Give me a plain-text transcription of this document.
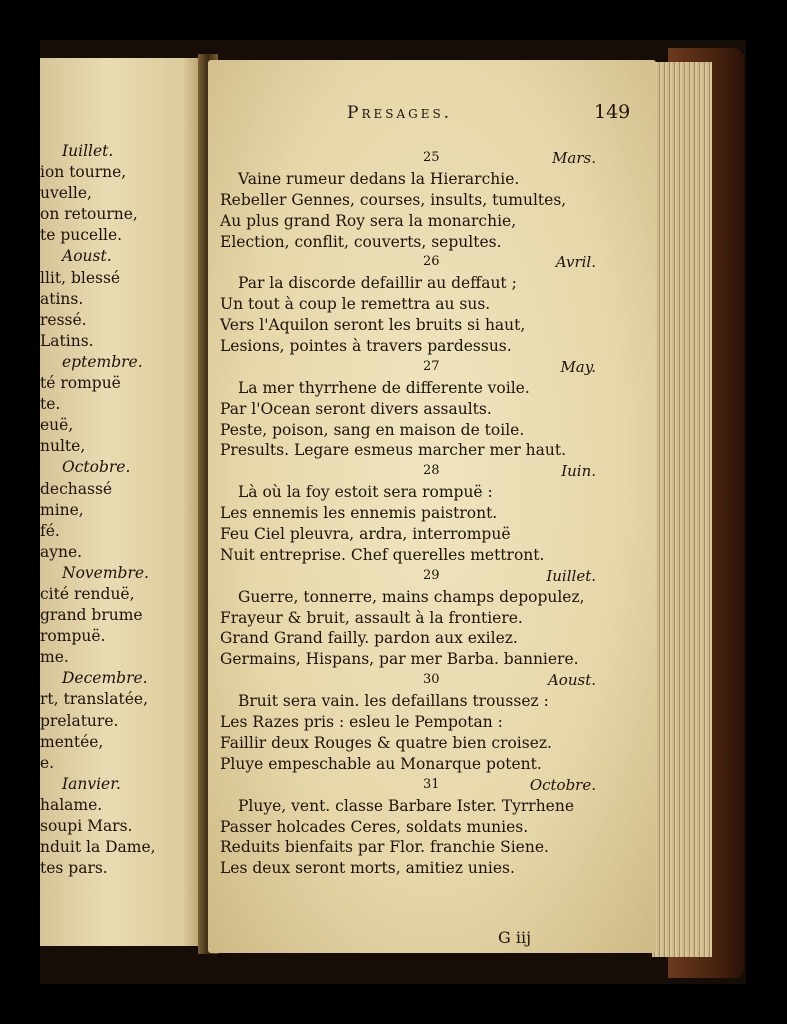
Iuillet.
ion tourne,
uvelle,
on retourne,
te pucelle.
Aoust.
llit, blessé
atins.
ressé.
Latins.
eptembre.
té rompuë
te.
euë,
nulte,
Octobre.
dechassé
mine,
fé.
ayne.
Novembre.
cité renduë,
grand brume
rompuë.
me.
Decembre.
rt, translatée,
prelature.
mentée,
e.
Ianvier.
halame.
soupi Mars.
nduit la Dame,
tes pars.
Presages.	149
25	Mars.
Vaine rumeur dedans la Hierarchie.
Rebeller Gennes, courses, insults, tumultes,
Au plus grand Roy sera la monarchie,
Election, conflit, couverts, sepultes.
26	Avril.
Par la discorde defaillir au deffaut ;
Un tout à coup le remettra au sus.
Vers l'Aquilon seront les bruits si haut,
Lesions, pointes à travers pardessus.
27	May.
La mer thyrrhene de differente voile.
Par l'Ocean seront divers assaults.
Peste, poison, sang en maison de toile.
Presults. Legare esmeus marcher mer haut.
28	Iuin.
Là où la foy estoit sera rompuë :
Les ennemis les ennemis paistront.
Feu Ciel pleuvra, ardra, interrompuë
Nuit entreprise. Chef querelles mettront.
29	Iuillet.
Guerre, tonnerre, mains champs depopulez,
Frayeur & bruit, assault à la frontiere.
Grand Grand failly. pardon aux exilez.
Germains, Hispans, par mer Barba. banniere.
30	Aoust.
Bruit sera vain. les defaillans troussez :
Les Razes pris : esleu le Pempotan :
Faillir deux Rouges & quatre bien croisez.
Pluye empeschable au Monarque potent.
31	Octobre.
Pluye, vent. classe Barbare Ister. Tyrrhene
Passer holcades Ceres, soldats munies.
Reduits bienfaits par Flor. franchie Siene.
Les deux seront morts, amitiez unies.
G iij
